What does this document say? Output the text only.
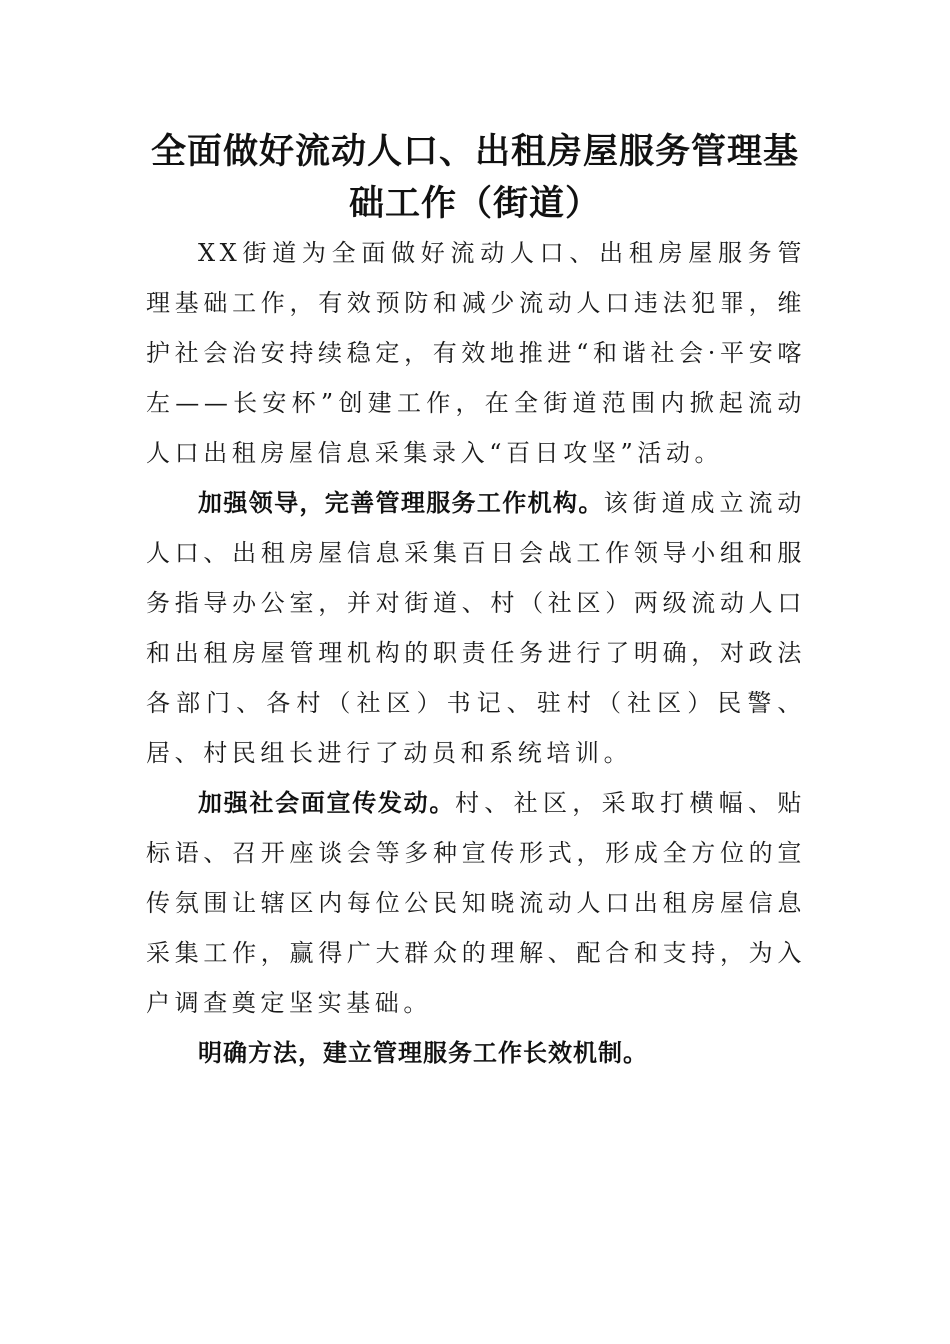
全面做好流动人口、出租房屋服务管理基础工作（街道）

XX街道为全面做好流动人口、出租房屋服务管理基础工作，有效预防和减少流动人口违法犯罪，维护社会治安持续稳定，有效地推进“和谐社会·平安喀左——长安杯”创建工作，在全街道范围内掀起流动人口出租房屋信息采集录入“百日攻坚”活动。

加强领导，完善管理服务工作机构。该街道成立流动人口、出租房屋信息采集百日会战工作领导小组和服务指导办公室，并对街道、村（社区）两级流动人口和出租房屋管理机构的职责任务进行了明确，对政法各部门、各村（社区）书记、驻村（社区）民警、居、村民组长进行了动员和系统培训。

加强社会面宣传发动。村、社区，采取打横幅、贴标语、召开座谈会等多种宣传形式，形成全方位的宣传氛围让辖区内每位公民知晓流动人口出租房屋信息采集工作，赢得广大群众的理解、配合和支持，为入户调查奠定坚实基础。

明确方法，建立管理服务工作长效机制。
